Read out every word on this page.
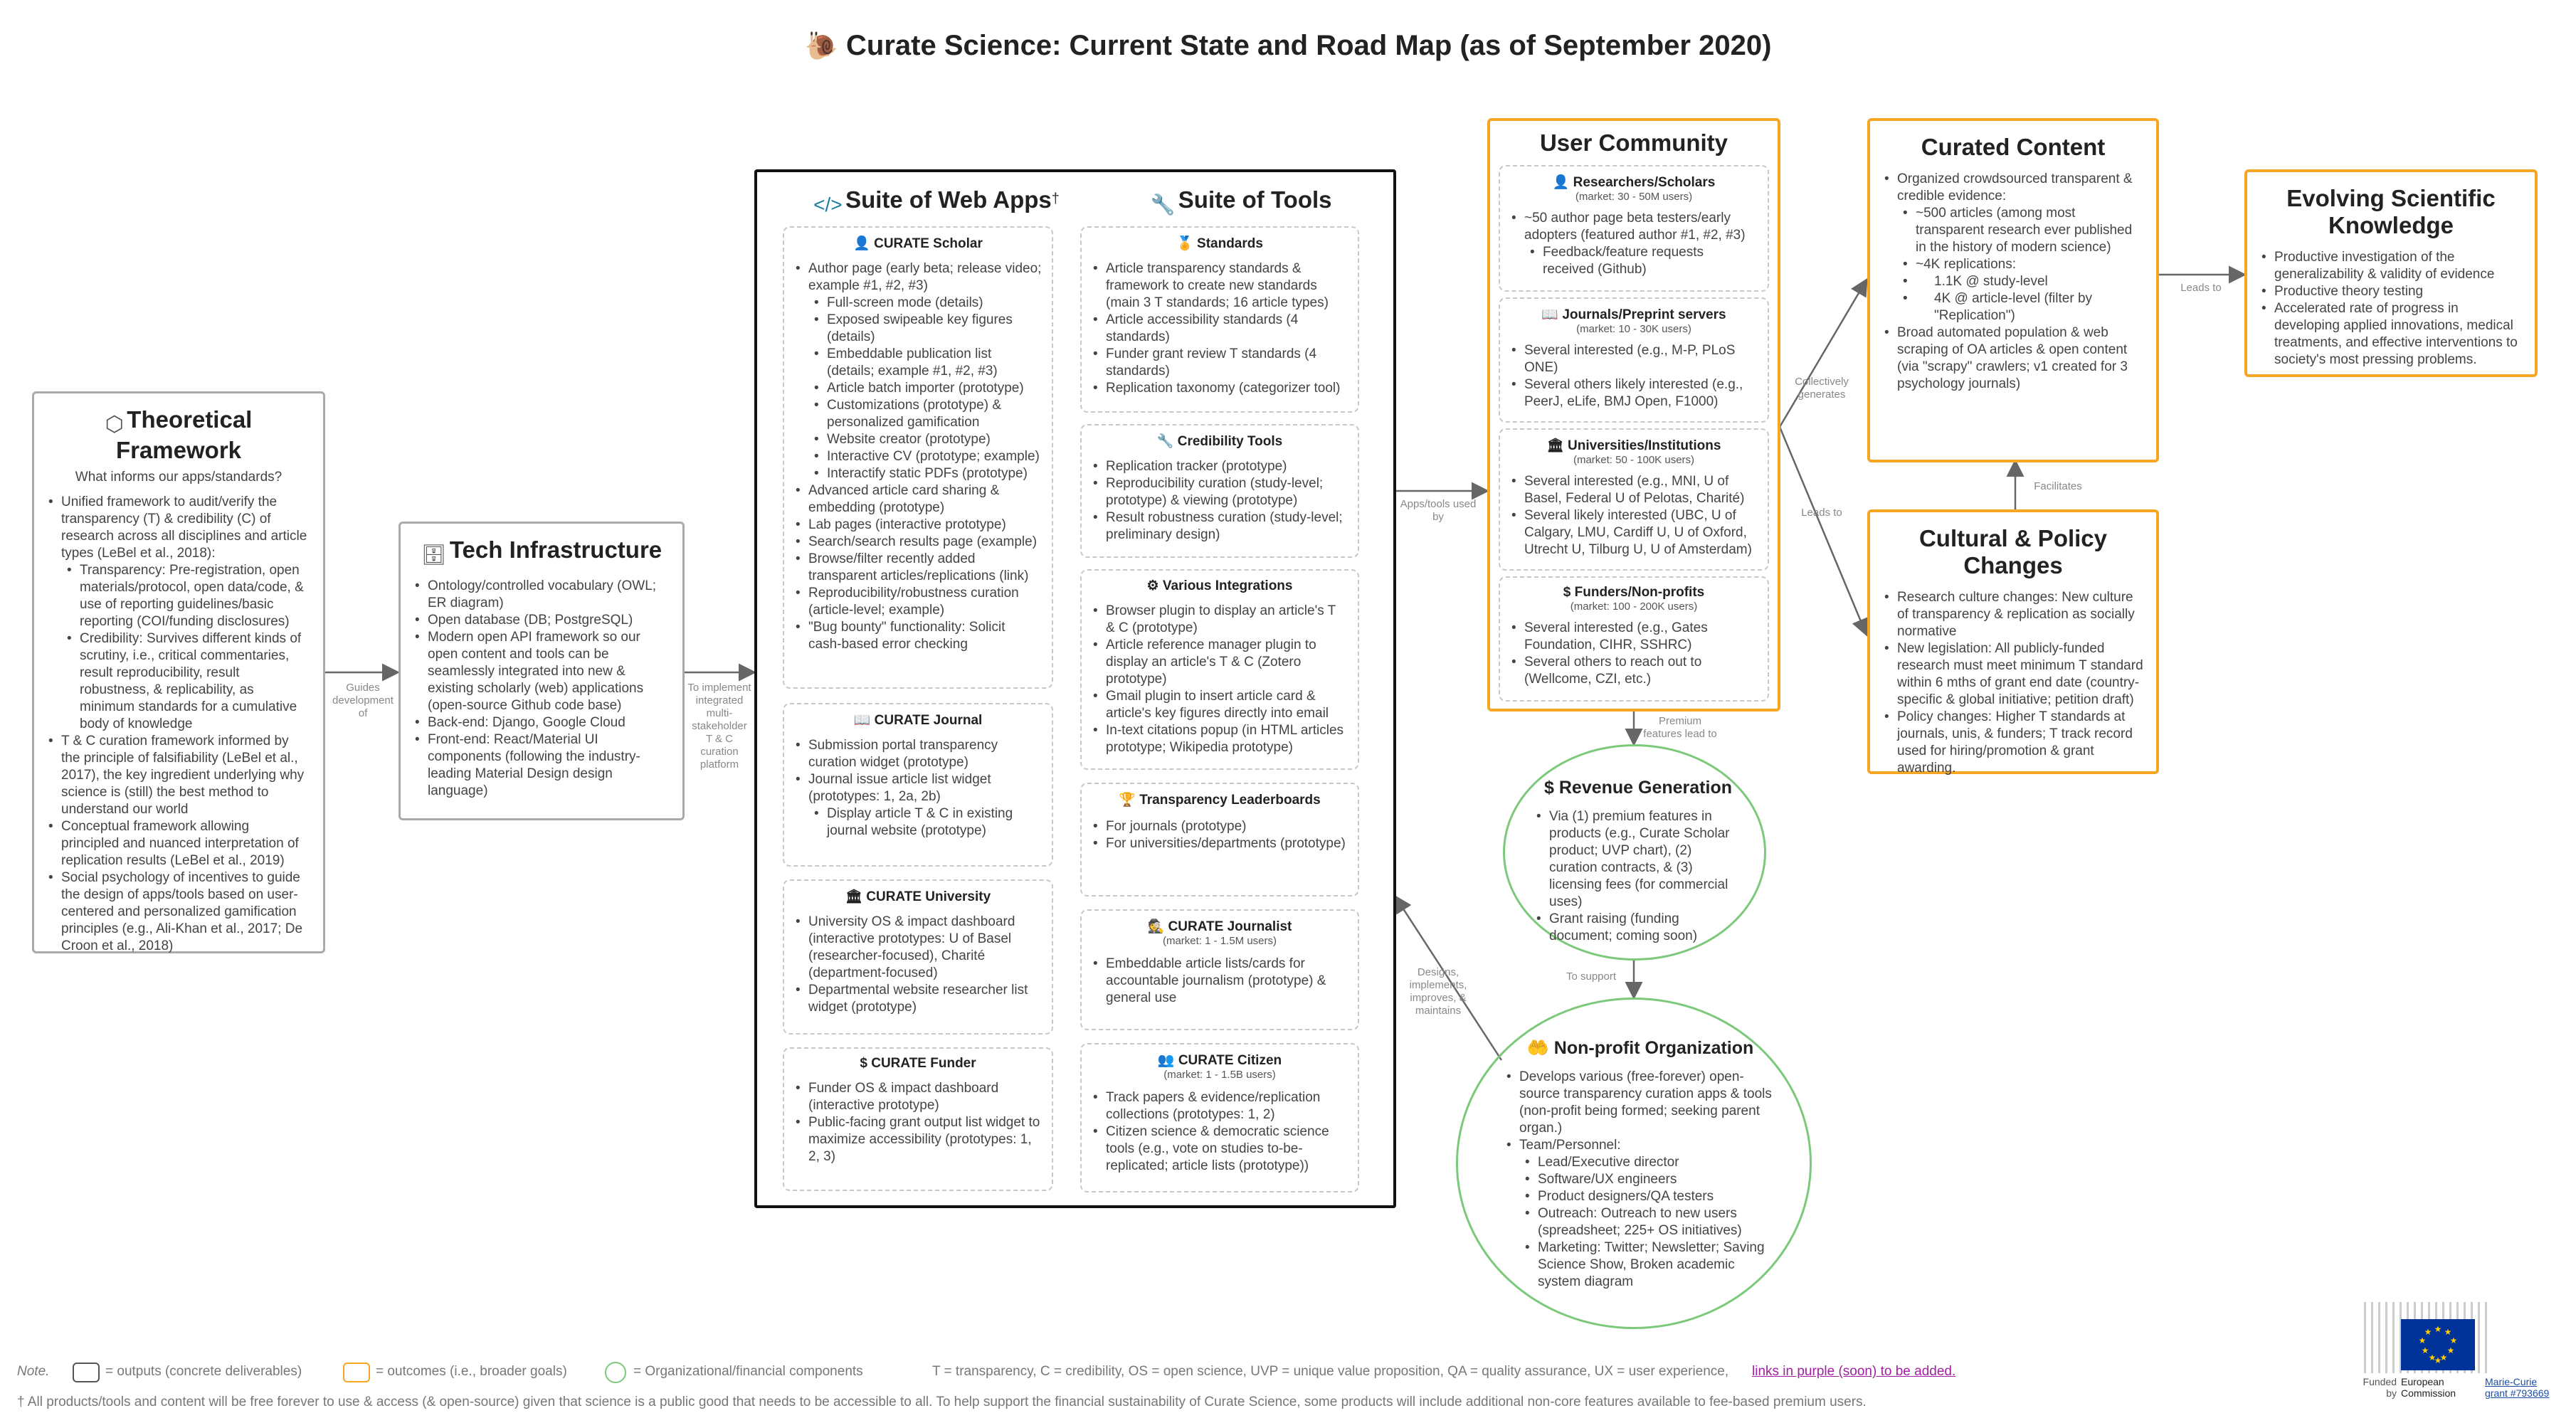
🐌 Curate Science: Current State and Road Map (as of September 2020)
Guides development of
To implement integrated multi-stakeholder T & C curation platform
Apps/tools used by
Collectively generates
Leads to
Leads to
Facilitates
Premium features lead to
To support
Designs, implements, improves, & maintains
⬡ Theoretical Framework
What informs our apps/standards?
• Unified framework to audit/verify the transparency (T) & credibility (C) of research across all disciplines and article types (LeBel et al., 2018):
• Transparency: Pre-registration, open materials/protocol, open data/code, & use of reporting guidelines/basic reporting (COI/funding disclosures)
• Credibility: Survives different kinds of scrutiny, i.e., critical commentaries, result reproducibility, result robustness, & replicability, as minimum standards for a cumulative body of knowledge
• T & C curation framework informed by the principle of falsifiability (LeBel et al., 2017), the key ingredient underlying why science is (still) the best method to understand our world
• Conceptual framework allowing principled and nuanced interpretation of replication results (LeBel et al., 2019)
• Social psychology of incentives to guide the design of apps/tools based on user-centered and personalized gamification principles (e.g., Ali-Khan et al., 2017; De Croon et al., 2018)
🗄 Tech Infrastructure
• Ontology/controlled vocabulary (OWL; ER diagram)
• Open database (DB; PostgreSQL)
• Modern open API framework so our open content and tools can be seamlessly integrated into new & existing scholarly (web) applications (open-source Github code base)
• Back-end: Django, Google Cloud
• Front-end: React/Material UI components (following the industry-leading Material Design design language)
</> Suite of Web Apps†	🔧 Suite of Tools
👤 CURATE Scholar
• Author page (early beta; release video; example #1, #2, #3)
• Full-screen mode (details)
• Exposed swipeable key figures (details)
• Embeddable publication list (details; example #1, #2, #3)
• Article batch importer (prototype)
• Customizations (prototype) & personalized gamification
• Website creator (prototype)
• Interactive CV (prototype; example)
• Interactify static PDFs (prototype)
• Advanced article card sharing & embedding (prototype)
• Lab pages (interactive prototype)
• Search/search results page (example)
• Browse/filter recently added transparent articles/replications (link)
• Reproducibility/robustness curation (article-level; example)
• "Bug bounty" functionality: Solicit cash-based error checking
📖 CURATE Journal
• Submission portal transparency curation widget (prototype)
• Journal issue article list widget (prototypes: 1, 2a, 2b)
• Display article T & C in existing journal website (prototype)
🏛 CURATE University
• University OS & impact dashboard (interactive prototypes: U of Basel (researcher-focused), Charité (department-focused)
• Departmental website researcher list widget (prototype)
$ CURATE Funder
• Funder OS & impact dashboard (interactive prototype)
• Public-facing grant output list widget to maximize accessibility (prototypes: 1, 2, 3)
🏅 Standards
• Article transparency standards & framework to create new standards (main 3 T standards; 16 article types)
• Article accessibility standards (4 standards)
• Funder grant review T standards (4 standards)
• Replication taxonomy (categorizer tool)
🔧 Credibility Tools
• Replication tracker (prototype)
• Reproducibility curation (study-level; prototype) & viewing (prototype)
• Result robustness curation (study-level; preliminary design)
⚙ Various Integrations
• Browser plugin to display an article's T & C (prototype)
• Article reference manager plugin to display an article's T & C (Zotero prototype)
• Gmail plugin to insert article card & article's key figures directly into email
• In-text citations popup (in HTML articles prototype; Wikipedia prototype)
🏆 Transparency Leaderboards
• For journals (prototype)
• For universities/departments (prototype)
🕵 CURATE Journalist
(market: 1 - 1.5M users)
• Embeddable article lists/cards for accountable journalism (prototype) & general use
👥 CURATE Citizen
(market: 1 - 1.5B users)
• Track papers & evidence/replication collections (prototypes: 1, 2)
• Citizen science & democratic science tools (e.g., vote on studies to-be-replicated; article lists (prototype))
User Community
👤 Researchers/Scholars
(market: 30 - 50M users)
• ~50 author page beta testers/early adopters (featured author #1, #2, #3)
• Feedback/feature requests received (Github)
📖 Journals/Preprint servers
(market: 10 - 30K users)
• Several interested (e.g., M-P, PLoS ONE)
• Several others likely interested (e.g., PeerJ, eLife, BMJ Open, F1000)
🏛 Universities/Institutions
(market: 50 - 100K users)
• Several interested (e.g., MNI, U of Basel, Federal U of Pelotas, Charité)
• Several likely interested (UBC, U of Calgary, LMU, Cardiff U, U of Oxford, Utrecht U, Tilburg U, U of Amsterdam)
$ Funders/Non-profits
(market: 100 - 200K users)
• Several interested (e.g., Gates Foundation, CIHR, SSHRC)
• Several others to reach out to (Wellcome, CZI, etc.)
Curated Content
• Organized crowdsourced transparent & credible evidence:
• ~500 articles (among most transparent research ever published in the history of modern science)
• ~4K replications:
• 1.1K @ study-level
• 4K @ article-level (filter by "Replication")
• Broad automated population & web scraping of OA articles & open content (via "scrapy" crawlers; v1 created for 3 psychology journals)
Evolving Scientific Knowledge
• Productive investigation of the generalizability & validity of evidence
• Productive theory testing
• Accelerated rate of progress in developing applied innovations, medical treatments, and effective interventions to society's most pressing problems.
Cultural & Policy Changes
• Research culture changes: New culture of transparency & replication as socially normative
• New legislation: All publicly-funded research must meet minimum T standard within 6 mths of grant end date (country-specific & global initiative; petition draft)
• Policy changes: Higher T standards at journals, unis, & funders; T track record used for hiring/promotion & grant awarding.
$ Revenue Generation
• Via (1) premium features in products (e.g., Curate Scholar product; UVP chart), (2) curation contracts, & (3) licensing fees (for commercial uses)
• Grant raising (funding document; coming soon)
🤲 Non-profit Organization
• Develops various (free-forever) open-source transparency curation apps & tools (non-profit being formed; seeking parent organ.)
• Team/Personnel:
• Lead/Executive director
• Software/UX engineers
• Product designers/QA testers
• Outreach: Outreach to new users (spreadsheet; 225+ OS initiatives)
• Marketing: Twitter; Newsletter; Saving Science Show, Broken academic system diagram
Note.	= outputs (concrete deliverables)	= outcomes (i.e., broader goals)	= Organizational/financial components	T = transparency, C = credibility, OS = open science, UVP = unique value proposition, QA = quality assurance, UX = user experience, links in purple (soon) to be added.
† All products/tools and content will be free forever to use & access (& open-source) given that science is a public good that needs to be accessible to all. To help support the financial sustainability of Curate Science, some products will include additional non-core features available to fee-based premium users.
★ ★
★
★
★
★
★
★
★
★
Funded by
European
Commission
Marie-Curie
grant #793669
